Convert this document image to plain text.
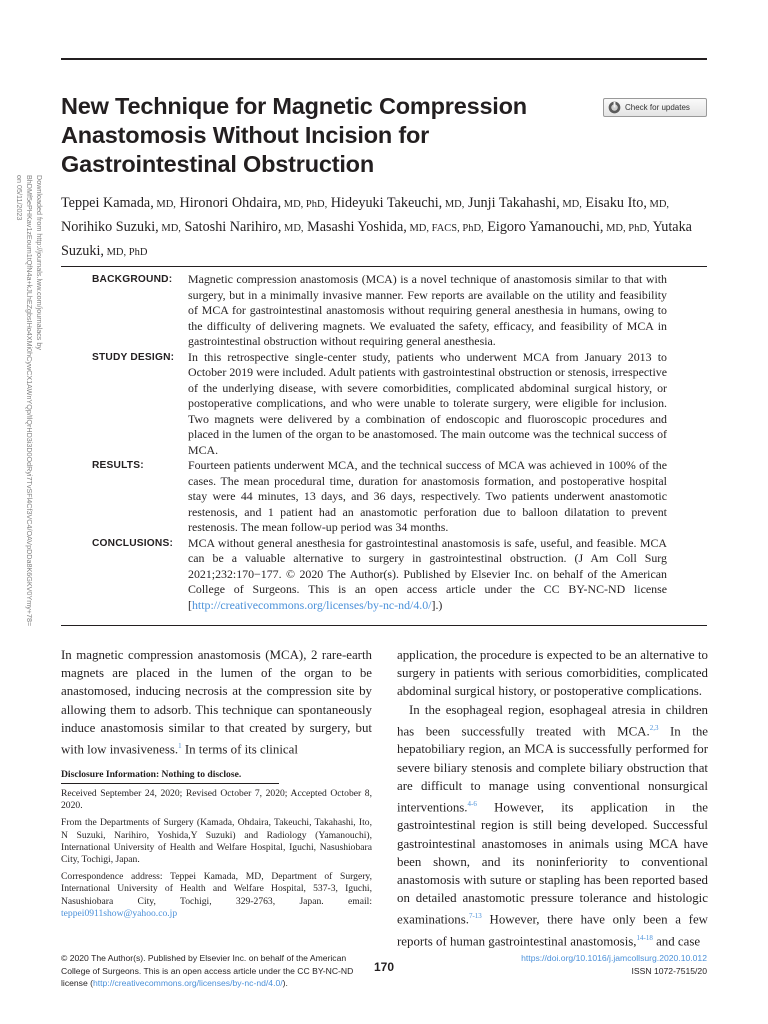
New Technique for Magnetic Compression Anastomosis Without Incision for Gastrointestinal Obstruction
Check for updates
Downloaded from http://journals.lww.com/journalacs by BhDMf5ePHKav1zEoum1tQfN4a+kJLhEZgbsIHo4XMi0hCywCX1AWnYQp/IlQrHD3i3D0OdRyi7TvSFl4Cf3VC4/OAVpDDa8K6GKV0Ymy+78= on 05/11/2023	Teppei Kamada, MD, Hironori Ohdaira, MD, PhD, Hideyuki Takeuchi, MD, Junji Takahashi, MD, Eisaku Ito, MD, Norihiko Suzuki, MD, Satoshi Narihiro, MD, Masashi Yoshida, MD, FACS, PhD, Eigoro Yamanouchi, MD, PhD, Yutaka Suzuki, MD, PhD
BACKGROUND:	Magnetic compression anastomosis (MCA) is a novel technique of anastomosis similar to that with surgery, but in a minimally invasive manner. Few reports are available on the utility and feasibility of MCA for gastrointestinal anastomosis without requiring general anesthesia in humans, owing to the difficulty of delivering magnets. We evaluated the safety, efficacy, and feasibility of MCA in gastrointestinal obstruction without requiring general anesthesia.
STUDY DESIGN:	In this retrospective single-center study, patients who underwent MCA from January 2013 to October 2019 were included. Adult patients with gastrointestinal obstruction or stenosis, irrespective of the underlying disease, with severe comorbidities, complicated abdominal surgical history, or postoperative complications, and who were unable to tolerate surgery, were eligible for inclusion. Two magnets were delivered by a combination of endoscopic and fluoroscopic procedures and placed in the lumen of the organ to be anastomosed. The main outcome was the technical success of MCA.
RESULTS:	Fourteen patients underwent MCA, and the technical success of MCA was achieved in 100% of the cases. The mean procedural time, duration for anastomosis formation, and postoperative hospital stay were 44 minutes, 13 days, and 36 days, respectively. Two patients underwent anastomotic restenosis, and 1 patient had an anastomotic perforation due to balloon dilatation to prevent restenosis. The mean follow-up period was 34 months.
CONCLUSIONS:	MCA without general anesthesia for gastrointestinal anastomosis is safe, useful, and feasible. MCA can be a valuable alternative to surgery in gastrointestinal obstruction. (J Am Coll Surg 2021;232:170−177. © 2020 The Author(s). Published by Elsevier Inc. on behalf of the American College of Surgeons. This is an open access article under the CC BY-NC-ND license [http://creativecommons.org/licenses/by-nc-nd/4.0/].)

In magnetic compression anastomosis (MCA), 2 rare-earth magnets are placed in the lumen of the organ to be anastomosed, inducing necrosis at the compression site by allowing them to adsorb. This technique can spontaneously induce anastomosis similar to that created by surgery, but with low invasiveness.$^1$ In terms of its clinical

Disclosure Information: Nothing to disclose.

Received September 24, 2020; Revised October 7, 2020; Accepted October 8, 2020.

From the Departments of Surgery (Kamada, Ohdaira, Takeuchi, Takahashi, Ito, N Suzuki, Narihiro, Yoshida,Y Suzuki) and Radiology (Yamanouchi), International University of Health and Welfare Hospital, Iguchi, Nasushiobara City, Tochigi, Japan.

Correspondence address: Teppei Kamada, MD, Department of Surgery, International University of Health and Welfare Hospital, 537-3, Iguchi, Nasushiobara City, Tochigi, 329-2763, Japan. email: teppei0911show@yahoo.co.jp

application, the procedure is expected to be an alternative to surgery in patients with serious comorbidities, complicated abdominal surgical history, or postoperative complications.

In the esophageal region, esophageal atresia in children has been successfully treated with MCA.$^{2,3}$ In the hepatobiliary region, an MCA is successfully performed for severe biliary stenosis and complete biliary obstruction that are difficult to manage using conventional nonsurgical interventions.$^{4-6}$ However, its application in the gastrointestinal region is still being developed. Successful gastrointestinal anastomoses in animals using MCA have been shown, and its noninferiority to conventional anastomosis with suture or stapling has been reported based on detailed anastomotic pressure tolerance and histologic examinations.$^{7-13}$ However, there have only been a few reports of human gastrointestinal anastomosis,$^{14-18}$ and case

© 2020 The Author(s). Published by Elsevier Inc. on behalf of the American College of Surgeons. This is an open access article under the CC BY-NC-ND license (http://creativecommons.org/licenses/by-nc-nd/4.0/).
170
https://doi.org/10.1016/j.jamcollsurg.2020.10.012
ISSN 1072-7515/20
